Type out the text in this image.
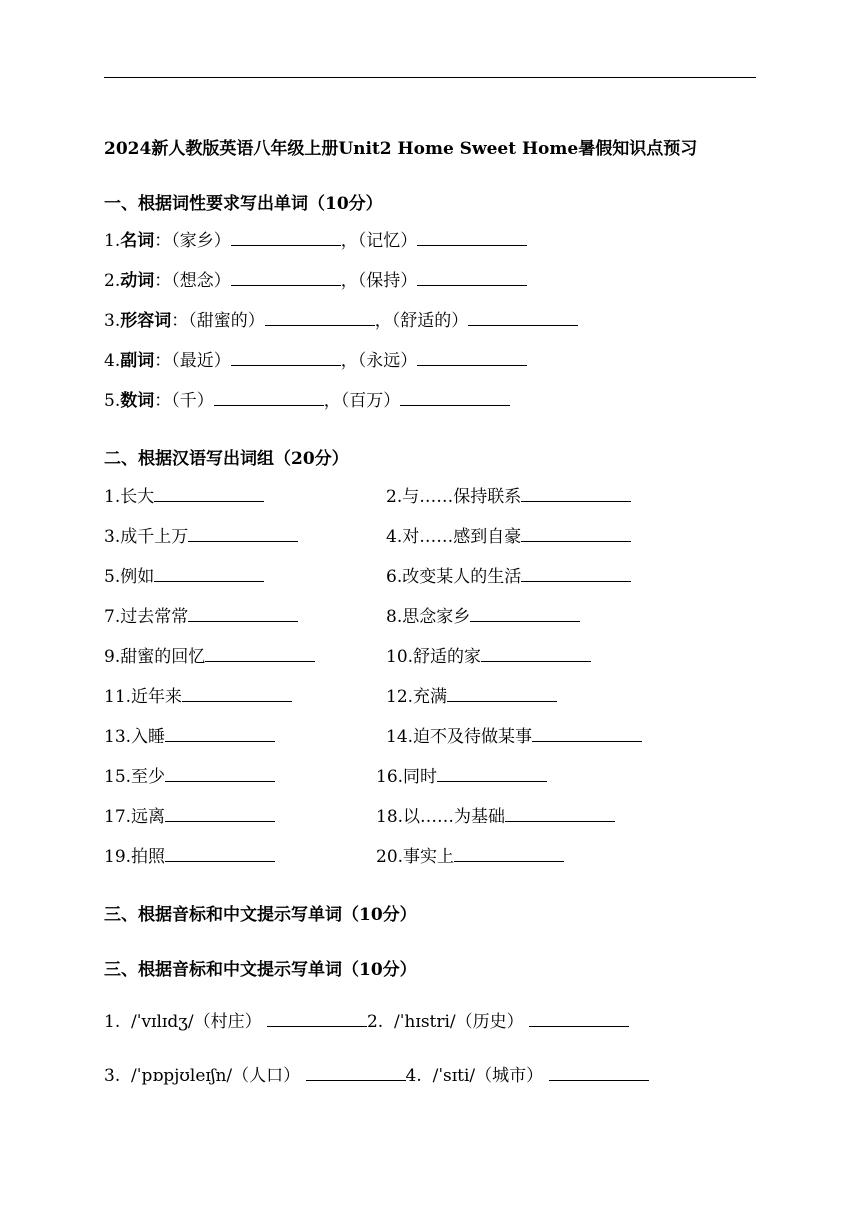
2024新人教版英语八年级上册Unit2 Home Sweet Home暑假知识点预习
一、根据词性要求写出单词（10分）
1.名词：（家乡）	，（记忆）
2.动词：（想念）	，（保持）
3.形容词：（甜蜜的）	，（舒适的）
4.副词：（最近）	，（永远）
5.数词：（千）	，（百万）
二、根据汉语写出词组（20分）
1.长大	2.与……保持联系
3.成千上万	4.对……感到自豪
5.例如	6.改变某人的生活
7.过去常常	8.思念家乡
9.甜蜜的回忆	10.舒适的家
11.近年来	12.充满
13.入睡	14.迫不及待做某事
15.至少	16.同时
17.远离	18.以……为基础
19.拍照	20.事实上
三、根据音标和中文提示写单词（10分）
三、根据音标和中文提示写单词（10分）
1. /ˈvɪlɪdʒ/（村庄）	2. /ˈhɪstri/（历史）
3. /ˈpɒpjʊleɪʃn/（人口）	4. /ˈsɪti/（城市）
